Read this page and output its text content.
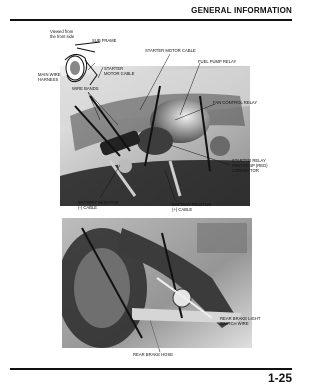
GENERAL INFORMATION
Viewed from
the front side
SUB FRAME
STARTER MOTOR CABLE
FUEL PUMP RELAY
FAN CONTROL RELAY
MAIN WIRE
HARNESS
STARTER
MOTOR CABLE
WIRE BANDS
STARTER RELAY
SWITCH 4P (RED)
CONNECTOR
BATTERY NEGATIVE
(-) CABLE
BATTERY POSITIVE
(+) CABLE
REAR BRAKE LIGHT
SWITCH WIRE
REAR BRAKE HOSE
1-25
